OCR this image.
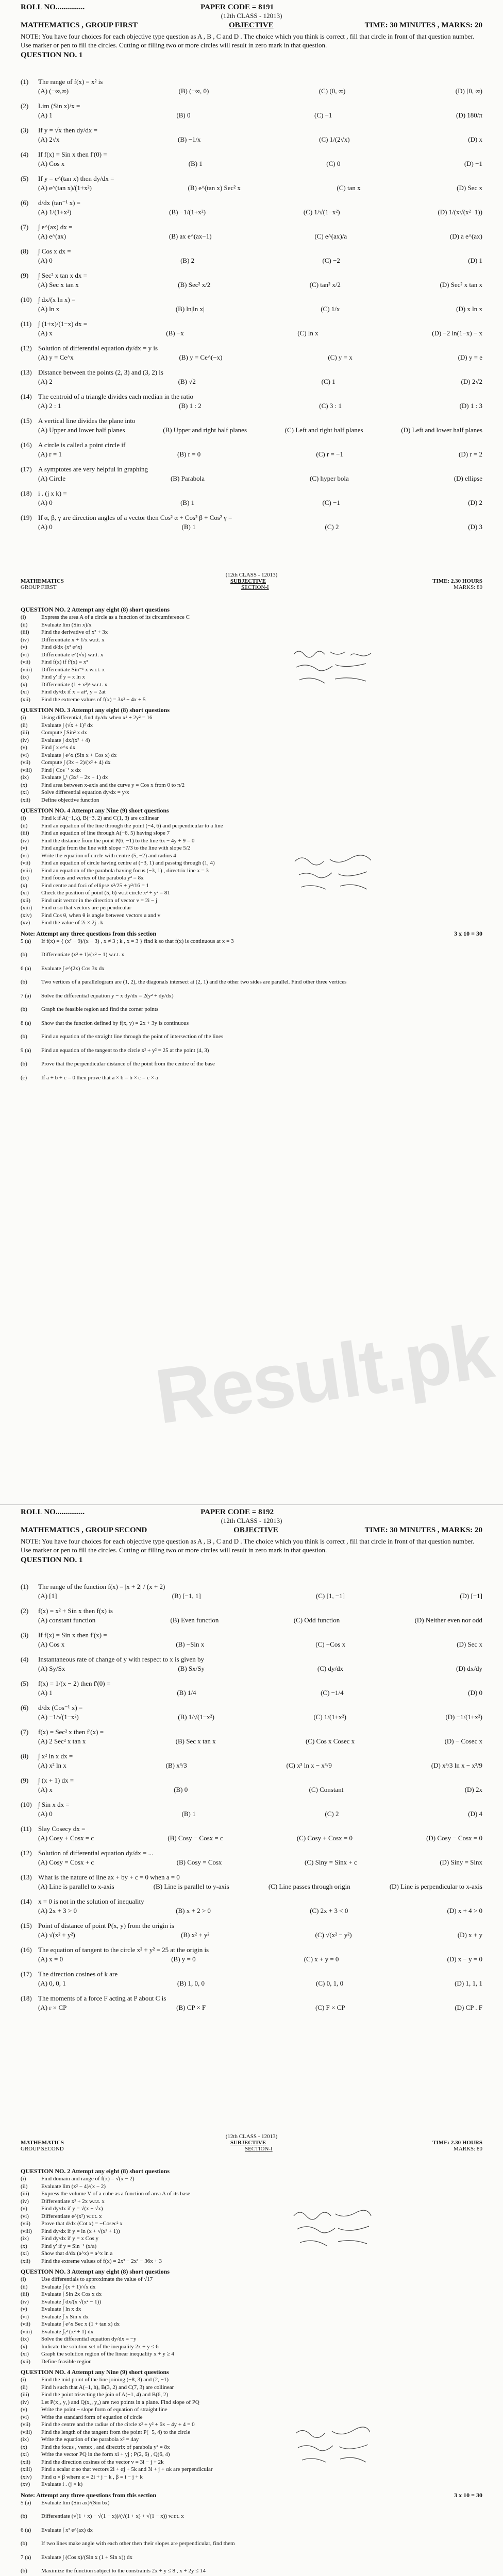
ROLL NO...............	PAPER CODE = 8191
(12th CLASS - 12013)
MATHEMATICS , GROUP FIRST	OBJECTIVE	TIME: 30 MINUTES , MARKS: 20
NOTE: You have four choices for each objective type question as A , B , C and D . The choice which you think is correct , fill that circle in front of that question number. Use marker or pen to fill the circles. Cutting or filling two or more circles will result in zero mark in that question.
QUESTION NO. 1
(1)	The range of f(x) = x² is
(A) (−∞,∞)	(B) (−∞, 0)	(C) (0, ∞)	(D) [0, ∞)
(2)	Lim (Sin x)/x =
(A) 1	(B) 0	(C) −1	(D) 180/π
(3)	If y = √x then dy/dx =
(A) 2√x	(B) −1/x	(C) 1/(2√x)	(D) x
(4)	If f(x) = Sin x then f'(0) =
(A) Cos x	(B) 1	(C) 0	(D) −1
(5)	If y = e^(tan x) then dy/dx =
(A) e^(tan x)/(1+x²)	(B) e^(tan x) Sec² x	(C) tan x	(D) Sec x
(6)	d/dx (tan⁻¹ x) =
(A) 1/(1+x²)	(B) −1/(1+x²)	(C) 1/√(1−x²)	(D) 1/(x√(x²−1))
(7)	∫ e^(ax) dx =
(A) e^(ax)	(B) ax e^(ax−1)	(C) e^(ax)/a	(D) a e^(ax)
(8)	∫ Cos x dx =
(A) 0	(B) 2	(C) −2	(D) 1
(9)	∫ Sec² x tan x dx =
(A) Sec x tan x	(B) Sec² x/2	(C) tan² x/2	(D) Sec² x tan x
(10) ∫ dx/(x ln x) =
(A) ln x	(B) ln|ln x|	(C) 1/x	(D) x ln x
(11) ∫ (1+x)/(1−x) dx =
(A) x	(B) −x	(C) ln x	(D) −2 ln(1−x) − x
(12) Solution of differential equation dy/dx = y is
(A) y = Ce^x	(B) y = Ce^(−x)	(C) y = x	(D) y = e
(13) Distance between the points (2, 3) and (3, 2) is
(A) 2	(B) √2	(C) 1	(D) 2√2
(14) The centroid of a triangle divides each median in the ratio
(A) 2 : 1	(B) 1 : 2	(C) 3 : 1	(D) 1 : 3
(15) A vertical line divides the plane into
(A) Upper and lower half planes	(B) Upper and right half planes	(C) Left and right half planes	(D) Left and lower half planes
(16) A circle is called a point circle if
(A) r = 1	(B) r = 0	(C) r = −1	(D) r = 2
(17) A symptotes are very helpful in graphing
(A) Circle	(B) Parabola	(C) hyper bola	(D) ellipse
(18) i . (j x k) =
(A) 0	(B) 1	(C) −1	(D) 2
(19) If α, β, γ are direction angles of a vector then Cos² α + Cos² β + Cos² γ =
(A) 0	(B) 1	(C) 2	(D) 3
(12th CLASS - 12013)
MATHEMATICS	SUBJECTIVE	TIME: 2.30 HOURS
GROUP FIRST	SECTION-I	MARKS: 80
QUESTION NO. 2 Attempt any eight (8) short questions
(i)	Express the area A of a circle as a function of its circumference C
(ii)	Evaluate lim (Sin x)/x
(iii)	Find the derivative of x² + 3x
(iv)	Differentiate x + 1/x w.r.t. x
(v)	Find d/dx (x² e^x)
(vi)	Differentiate e^(√x) w.r.t. x
(vii)	Find f(x) if f'(x) = x³
(viii)	Differentiate Sin⁻¹ x w.r.t. x
(ix)	Find y' if y = x ln x
(x)	Differentiate (1 + x²)ⁿ w.r.t. x
(xi)	Find dy/dx if x = at², y = 2at
(xii)	Find the extreme values of f(x) = 3x² − 4x + 5
QUESTION NO. 3 Attempt any eight (8) short questions
(i)	Using differential, find dy/dx when x² + 2y² = 16
(ii)	Evaluate ∫ (√x + 1)² dx
(iii)	Compute ∫ Sin² x dx
(iv)	Evaluate ∫ dx/(x² + 4)
(v)	Find ∫ x e^x dx
(vi)	Evaluate ∫ e^x (Sin x + Cos x) dx
(vii)	Compute ∫ (3x + 2)/(x² + 4) dx
(viii)	Find ∫ Cos⁻¹ x dx
(ix)	Evaluate ∫₀¹ (3x² − 2x + 1) dx
(x)	Find area between x-axis and the curve y = Cos x from 0 to π/2
(xi)	Solve differential equation dy/dx = y/x
(xii)	Define objective function
QUESTION NO. 4 Attempt any Nine (9) short questions
(i)	Find k if A(−1,k), B(−3, 2) and C(1, 3) are collinear
(ii)	Find an equation of the line through the point (−4, 6) and perpendicular to a line
(iii)	Find an equation of line through A(−6, 5) having slope 7
(iv)	Find the distance from the point P(6, −1) to the line 6x − 4y + 9 = 0
(v)	Find angle from the line with slope −7/3 to the line with slope 5/2
(vi)	Write the equation of circle with centre (5, −2) and radius 4
(vii)	Find an equation of circle having centre at (−3, 1) and passing through (1, 4)
(viii)	Find an equation of the parabola having focus (−3, 1) , directrix line x = 3
(ix)	Find focus and vertex of the parabola y² = 8x
(x)	Find centre and foci of ellipse x²/25 + y²/16 = 1
(xi)	Check the position of point (5, 6) w.r.t circle x² + y² = 81
(xii)	Find unit vector in the direction of vector v = 2i − j
(xiii)	Find α so that vectors are perpendicular
(xiv)	Find Cos θ, when θ is angle between vectors u and v
(xv)	Find the value of 2i × 2j . k
Note: Attempt any three questions from this section	3 x 10 = 30
5 (a)	If f(x) = { (x² − 9)/(x − 3) , x ≠ 3 ; k , x = 3 } find k so that f(x) is continuous at x = 3
(b)	Differentiate (x² + 1)/(x² − 1) w.r.t. x
6 (a)	Evaluate ∫ e^(2x) Cos 3x dx
(b)	Two vertices of a parallelogram are (1, 2), the diagonals intersect at (2, 1) and the other two sides are parallel. Find other three vertices
7 (a)	Solve the differential equation y − x dy/dx = 2(y² + dy/dx)
(b)	Graph the feasible region and find the corner points
8 (a)	Show that the function defined by f(x, y) = 2x + 3y is continuous
(b)	Find an equation of the straight line through the point of intersection of the lines
9 (a)	Find an equation of the tangent to the circle x² + y² = 25 at the point (4, 3)
(b)	Prove that the perpendicular distance of the point from the centre of the base
(c)	If a + b + c = 0 then prove that a × b = b × c = c × a
Result.pk
ROLL NO...............	PAPER CODE = 8192
(12th CLASS - 12013)
MATHEMATICS , GROUP SECOND	OBJECTIVE	TIME: 30 MINUTES , MARKS: 20
NOTE: You have four choices for each objective type question as A , B , C and D . The choice which you think is correct , fill that circle in front of that question number. Use marker or pen to fill the circles. Cutting or filling two or more circles will result in zero mark in that question.
QUESTION NO. 1
(1)	The range of the function f(x) = |x + 2| / (x + 2)
(A) [1]	(B) [−1, 1]	(C) [1, −1]	(D) [−1]
(2)	f(x) = x² + Sin x then f(x) is
(A) constant function	(B) Even function	(C) Odd function	(D) Neither even nor odd
(3)	If f(x) = Sin x then f'(x) =
(A) Cos x	(B) −Sin x	(C) −Cos x	(D) Sec x
(4)	Instantaneous rate of change of y with respect to x is given by
(A) Sy/Sx	(B) Sx/Sy	(C) dy/dx	(D) dx/dy
(5)	f(x) = 1/(x − 2) then f'(0) =
(A) 1	(B) 1/4	(C) −1/4	(D) 0
(6)	d/dx (Cos⁻¹ x) =
(A) −1/√(1−x²)	(B) 1/√(1−x²)	(C) 1/(1+x²)	(D) −1/(1+x²)
(7)	f(x) = Sec² x then f'(x) =
(A) 2 Sec² x tan x	(B) Sec x tan x	(C) Cos x Cosec x	(D) − Cosec x
(8)	∫ x² ln x dx =
(A) x² ln x	(B) x³/3	(C) x³ ln x − x³/9	(D) x³/3 ln x − x³/9
(9)	∫ (x + 1) dx =
(A) x	(B) 0	(C) Constant	(D) 2x
(10) ∫ Sin x dx =
(A) 0	(B) 1	(C) 2	(D) 4
(11) Slay Cosecy dx =
(A) Cosy + Cosx = c	(B) Cosy − Cosx = c	(C) Cosy + Cosx = 0	(D) Cosy − Cosx = 0
(12) Solution of differential equation dy/dx = ...
(A) Cosy = Cosx + c	(B) Cosy = Cosx	(C) Siny = Sinx + c	(D) Siny = Sinx
(13) What is the nature of line ax + by + c = 0 when a = 0
(A) Line is parallel to x-axis	(B) Line is parallel to y-axis	(C) Line passes through origin	(D) Line is perpendicular to x-axis
(14) x = 0 is not in the solution of inequality
(A) 2x + 3 > 0	(B) x + 2 > 0	(C) 2x + 3 < 0	(D) x + 4 > 0
(15) Point of distance of point P(x, y) from the origin is
(A) √(x² + y²)	(B) x² + y²	(C) √(x² − y²)	(D) x + y
(16) The equation of tangent to the circle x² + y² = 25 at the origin is
(A) x = 0	(B) y = 0	(C) x + y = 0	(D) x − y = 0
(17) The direction cosines of k are
(A) 0, 0, 1	(B) 1, 0, 0	(C) 0, 1, 0	(D) 1, 1, 1
(18) The moments of a force F acting at P about C is
(A) r × CP	(B) CP × F	(C) F × CP	(D) CP . F
(12th CLASS - 12013)
MATHEMATICS	SUBJECTIVE	TIME: 2.30 HOURS
GROUP SECOND	SECTION-I	MARKS: 80
QUESTION NO. 2 Attempt any eight (8) short questions
(i)	Find domain and range of f(x) = √(x − 2)
(ii)	Evaluate lim (x² − 4)/(x − 2)
(iii)	Express the volume V of a cube as a function of area A of its base
(iv)	Differentiate x³ + 2x w.r.t. x
(v)	Find dy/dx if y = √(x + √x)
(vi)	Differentiate e^(x²) w.r.t. x
(vii)	Prove that d/dx (Cot x) = −Cosec² x
(viii)	Find dy/dx if y = ln (x + √(x² + 1))
(ix)	Find dy/dx if y = x Cos y
(x)	Find y' if y = Sin⁻¹ (x/a)
(xi)	Show that d/dx (a^x) = a^x ln a
(xii)	Find the extreme values of f(x) = 2x³ − 2x² − 36x + 3
QUESTION NO. 3 Attempt any eight (8) short questions
(i)	Use differentials to approximate the value of √17
(ii)	Evaluate ∫ (x + 1)/√x dx
(iii)	Evaluate ∫ Sin 2x Cos x dx
(iv)	Evaluate ∫ dx/(x √(x² − 1))
(v)	Evaluate ∫ ln x dx
(vi)	Evaluate ∫ x Sin x dx
(vii)	Evaluate ∫ e^x Sec x (1 + tan x) dx
(viii)	Evaluate ∫₁² (x² + 1) dx
(ix)	Solve the differential equation dy/dx = −y
(x)	Indicate the solution set of the inequality 2x + y ≤ 6
(xi)	Graph the solution region of the linear inequality x + y ≥ 4
(xii)	Define feasible region
QUESTION NO. 4 Attempt any Nine (9) short questions
(i)	Find the mid point of the line joining (−8, 3) and (2, −1)
(ii)	Find h such that A(−1, h), B(3, 2) and C(7, 3) are collinear
(iii)	Find the point trisecting the join of A(−1, 4) and B(6, 2)
(iv)	Let P(x₁, y₁) and Q(x₂, y₂) are two points in a plane. Find slope of PQ
(v)	Write the point − slope form of equation of straight line
(vi)	Write the standard form of equation of circle
(vii)	Find the centre and the radius of the circle x² + y² + 6x − 4y + 4 = 0
(viii)	Find the length of the tangent from the point P(−5, 4) to the circle
(ix)	Write the equation of the parabola x² = 4ay
(x)	Find the focus , vertex , and directrix of parabola y² = 8x
(xi)	Write the vector PQ in the form xi + yj ; P(2, 6) , Q(6, 4)
(xii)	Find the direction cosines of the vector v = 3i − j + 2k
(xiii)	Find a scalar α so that vectors 2i + αj + 5k and 3i + j + αk are perpendicular
(xiv)	Find α × β where α = 2i + j − k , β = i − j + k
(xv)	Evaluate i . (j × k)
Note: Attempt any three questions from this section	3 x 10 = 30
5 (a)	Evaluate lim (Sin ax)/(Sin bx)
(b)	Differentiate (√(1 + x) − √(1 − x))/(√(1 + x) + √(1 − x)) w.r.t. x
6 (a)	Evaluate ∫ x² e^(ax) dx
(b)	If two lines make angle with each other then their slopes are perpendicular, find them
7 (a)	Evaluate ∫ (Cos x)/(Sin x (1 + Sin x)) dx
(b)	Maximize the function subject to the constraints 2x + y ≤ 8 , x + 2y ≤ 14
